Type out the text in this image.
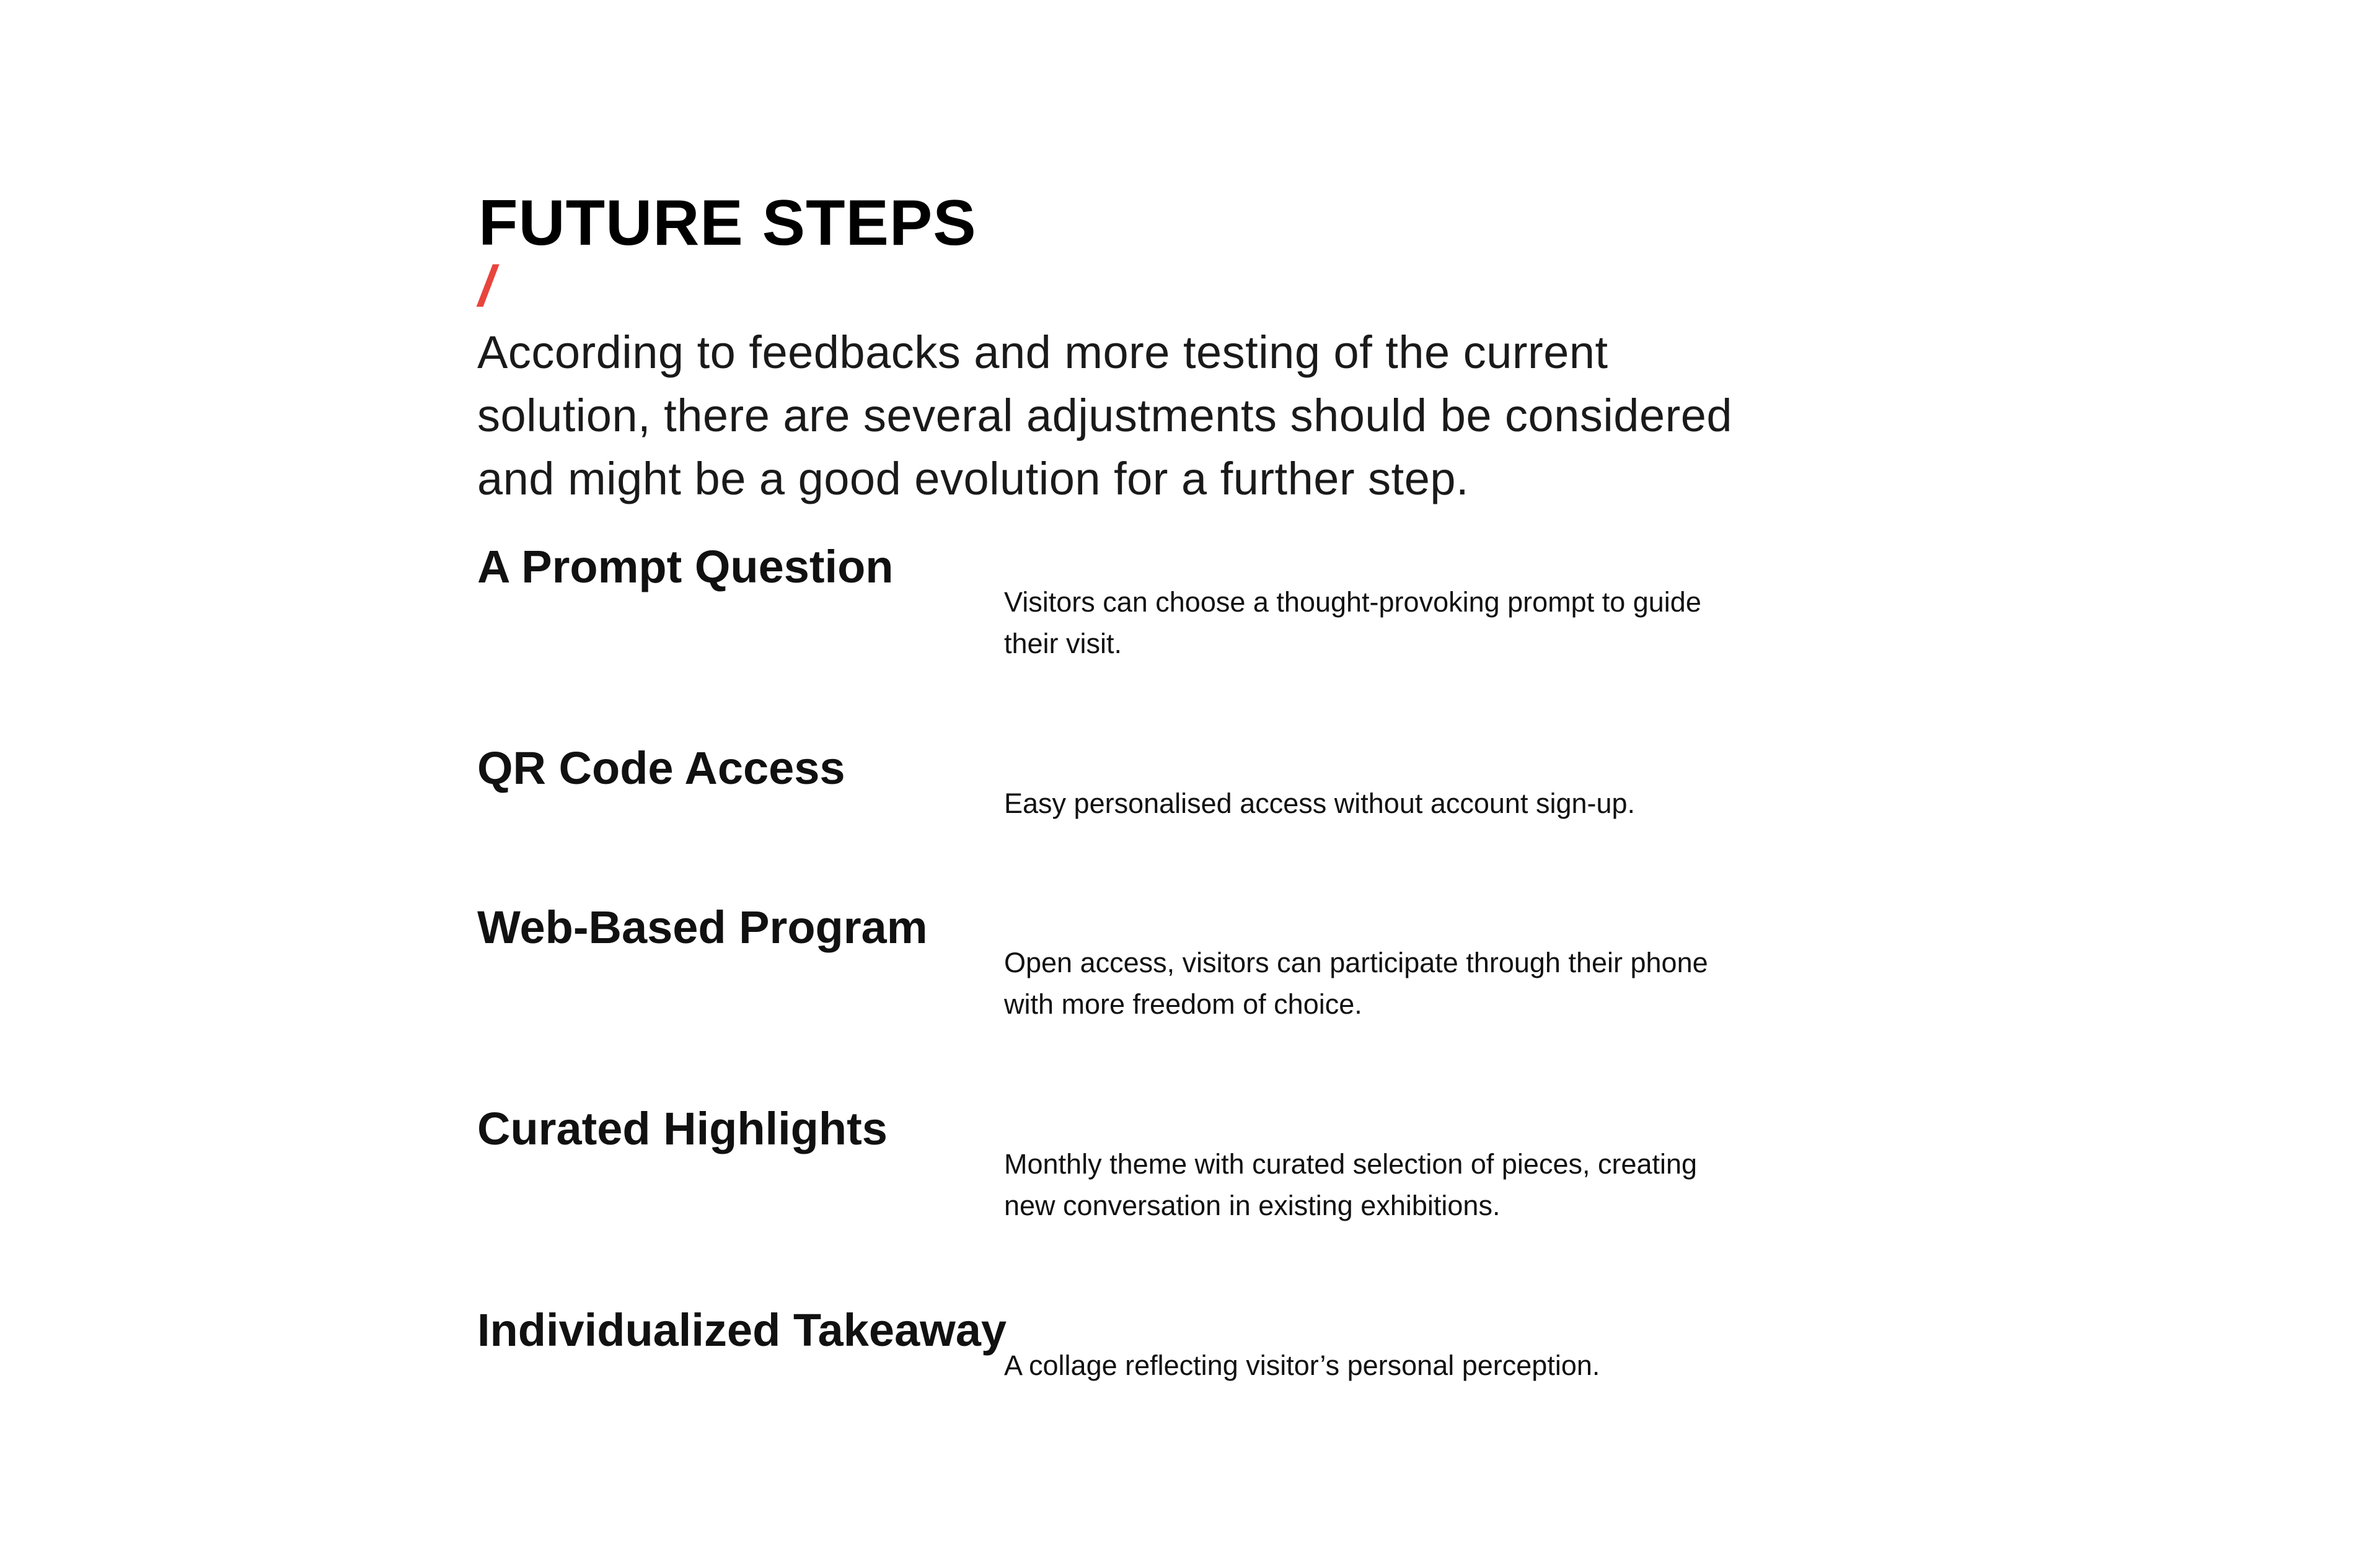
FUTURE STEPS
/

According to feedbacks and more testing of the current solution, there are several adjustments should be considered and might be a good evolution for a further step.

A Prompt Question

Visitors can choose a thought-provoking prompt to guide their visit.

QR Code Access

Easy personalised access without account sign-up.

Web-Based Program

Open access, visitors can participate through their phone with more freedom of choice.

Curated Highlights

Monthly theme with curated selection of pieces, creating new conversation in existing exhibitions.

Individualized Takeaway

A collage reflecting visitor’s personal perception.
